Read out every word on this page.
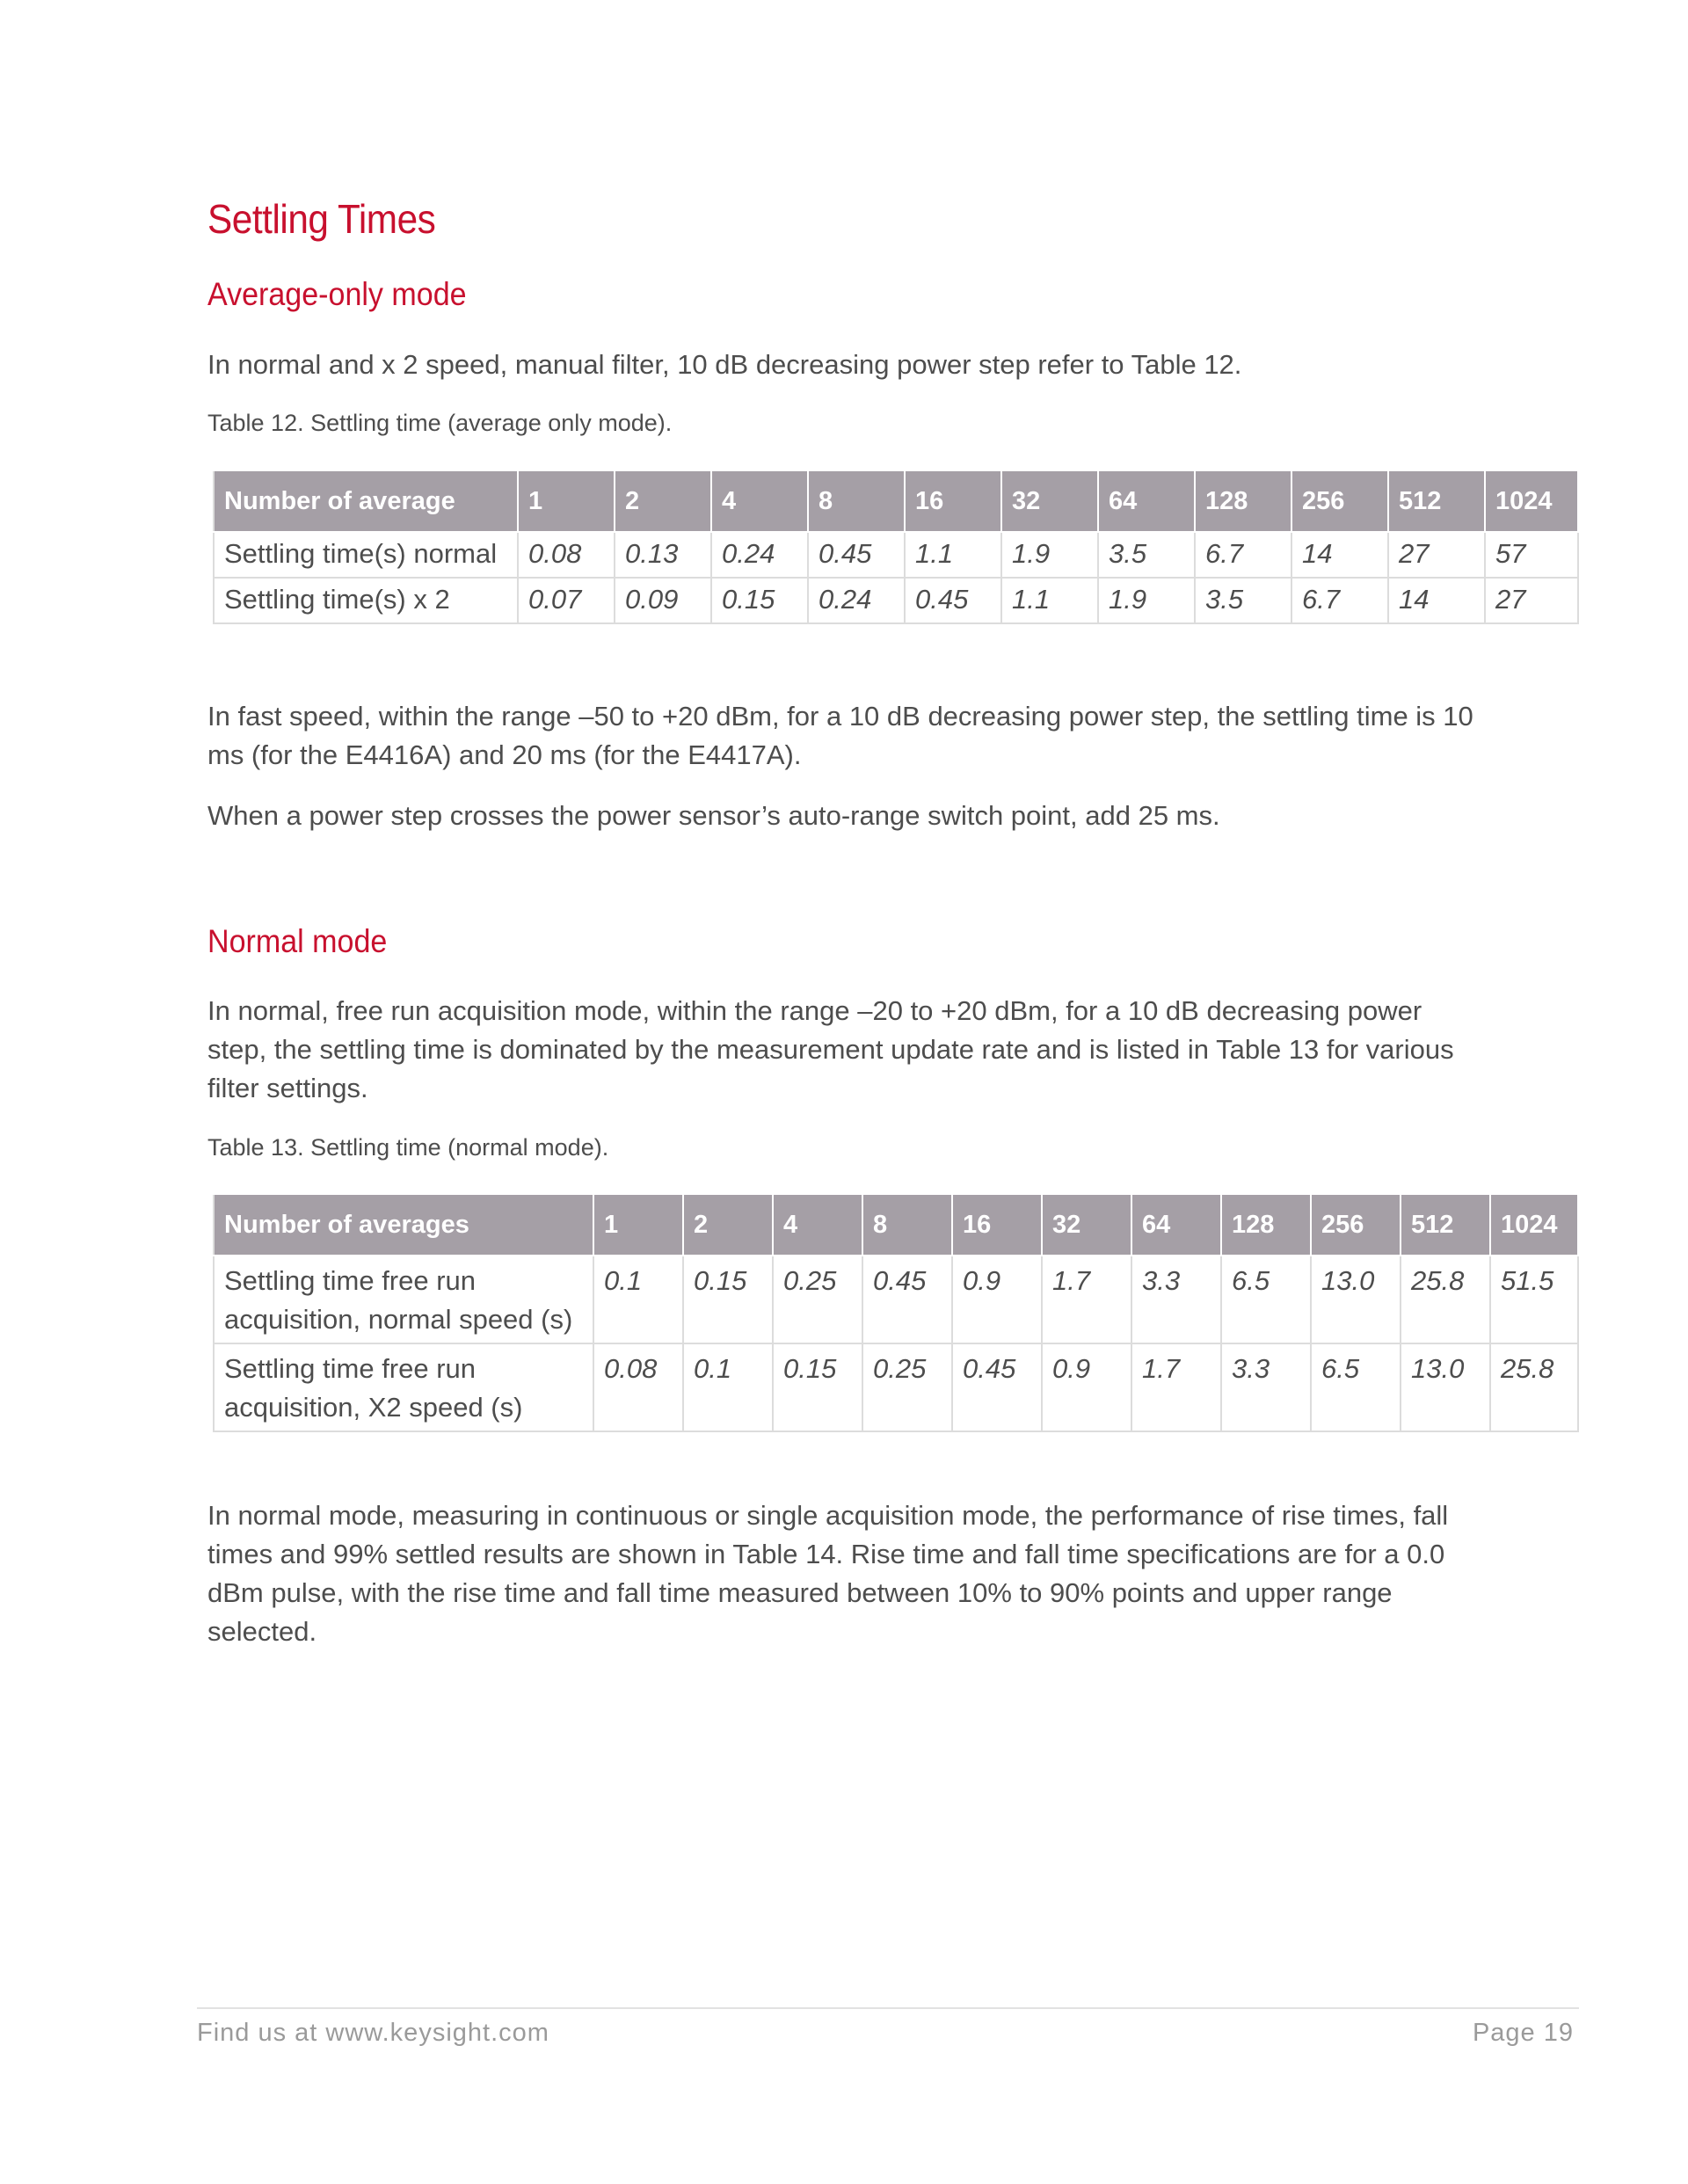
Settling Times
Average-only mode

In normal and x 2 speed, manual filter, 10 dB decreasing power step refer to Table 12.

Table 12. Settling time (average only mode).

Number of average	1	2	4	8	16	32	64	128	256	512	1024
Settling time(s) normal	0.08	0.13	0.24	0.45	1.1	1.9	3.5	6.7	14	27	57
Settling time(s) x 2	0.07	0.09	0.15	0.24	0.45	1.1	1.9	3.5	6.7	14	27

In fast speed, within the range –50 to +20 dBm, for a 10 dB decreasing power step, the settling time is 10 ms (for the E4416A) and 20 ms (for the E4417A).

When a power step crosses the power sensor’s auto-range switch point, add 25 ms.

Normal mode

In normal, free run acquisition mode, within the range –20 to +20 dBm, for a 10 dB decreasing power step, the settling time is dominated by the measurement update rate and is listed in Table 13 for various filter settings.

Table 13. Settling time (normal mode).

Number of averages	1	2	4	8	16	32	64	128	256	512	1024
Settling time free run acquisition, normal speed (s)	0.1	0.15	0.25	0.45	0.9	1.7	3.3	6.5	13.0	25.8	51.5
Settling time free run acquisition, X2 speed (s)	0.08	0.1	0.15	0.25	0.45	0.9	1.7	3.3	6.5	13.0	25.8

In normal mode, measuring in continuous or single acquisition mode, the performance of rise times, fall times and 99% settled results are shown in Table 14. Rise time and fall time specifications are for a 0.0 dBm pulse, with the rise time and fall time measured between 10% to 90% points and upper range selected.

Find us at www.keysight.com	Page 19
